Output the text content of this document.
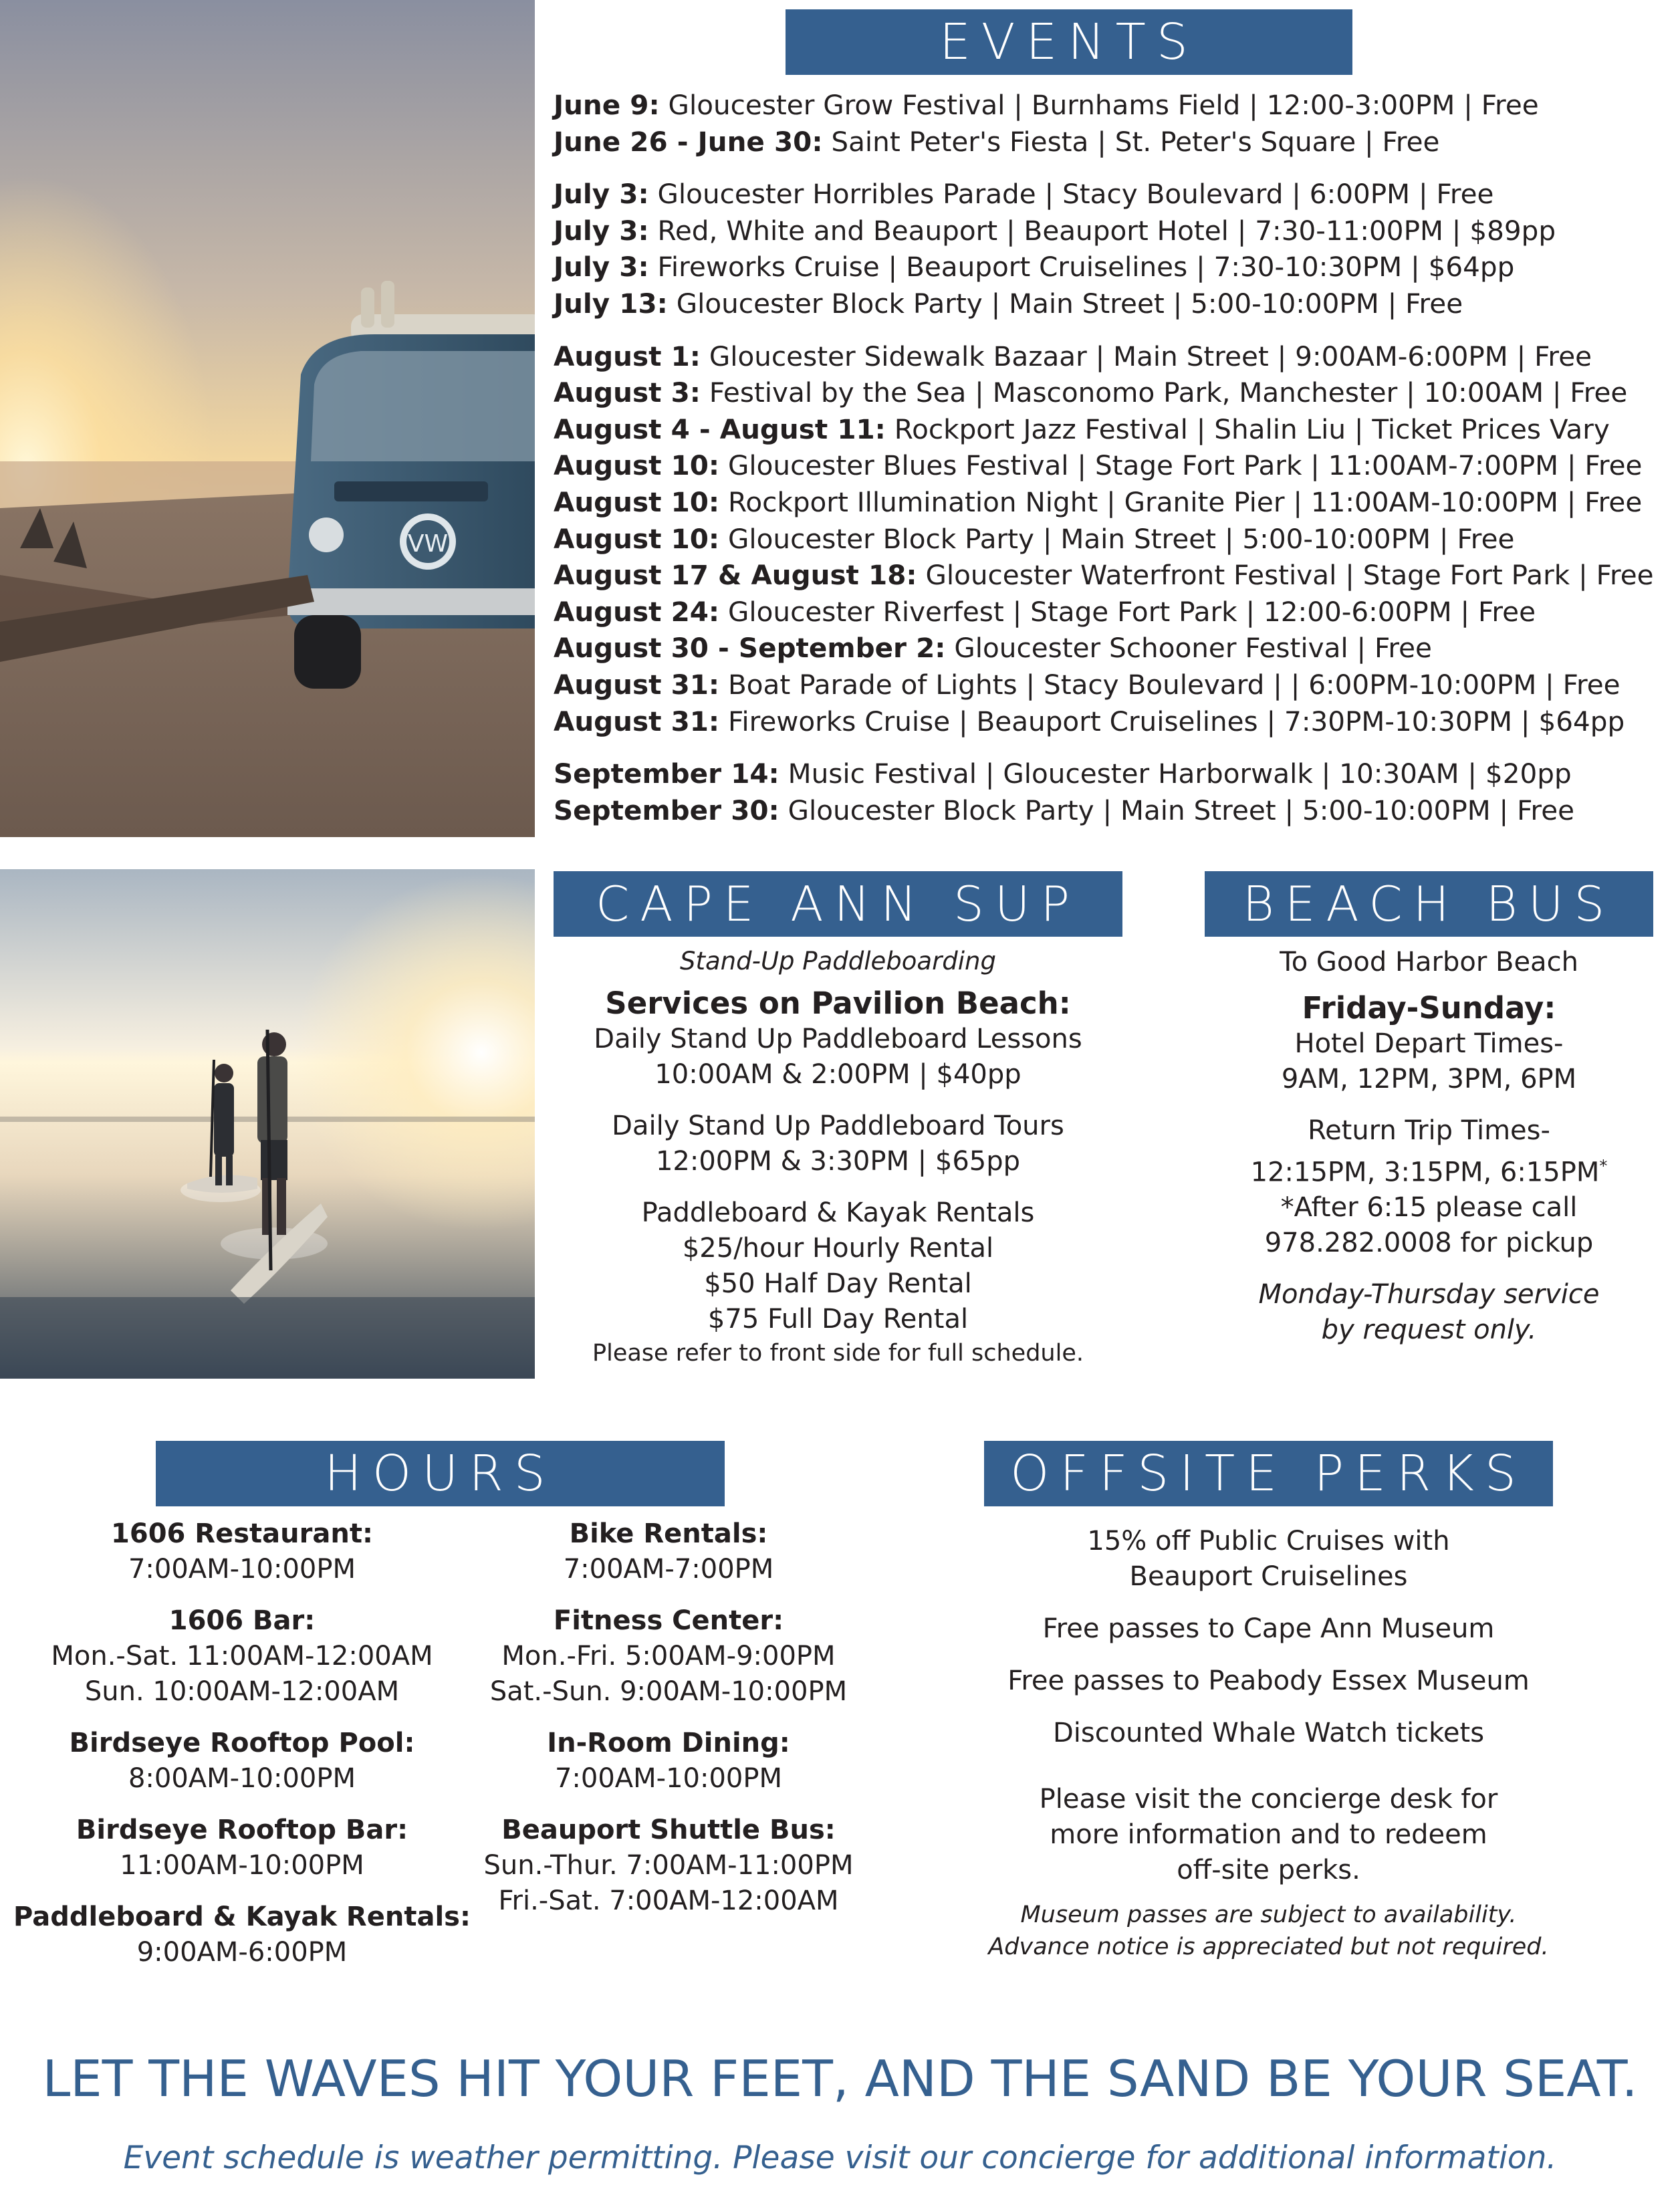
VW
EVENTS
June 9: Gloucester Grow Festival | Burnhams Field | 12:00-3:00PM | Free
June 26 - June 30: Saint Peter's Fiesta | St. Peter's Square | Free
July 3: Gloucester Horribles Parade | Stacy Boulevard | 6:00PM | Free
July 3: Red, White and Beauport | Beauport Hotel | 7:30-11:00PM | $89pp
July 3: Fireworks Cruise | Beauport Cruiselines | 7:30-10:30PM | $64pp
July 13: Gloucester Block Party | Main Street | 5:00-10:00PM | Free
August 1: Gloucester Sidewalk Bazaar | Main Street | 9:00AM-6:00PM | Free
August 3: Festival by the Sea | Masconomo Park, Manchester | 10:00AM | Free
August 4 - August 11: Rockport Jazz Festival | Shalin Liu | Ticket Prices Vary
August 10: Gloucester Blues Festival | Stage Fort Park | 11:00AM-7:00PM | Free
August 10: Rockport Illumination Night | Granite Pier | 11:00AM-10:00PM | Free
August 10: Gloucester Block Party | Main Street | 5:00-10:00PM | Free
August 17 & August 18: Gloucester Waterfront Festival | Stage Fort Park | Free
August 24: Gloucester Riverfest | Stage Fort Park | 12:00-6:00PM | Free
August 30 - September 2: Gloucester Schooner Festival | Free
August 31: Boat Parade of Lights | Stacy Boulevard | | 6:00PM-10:00PM | Free
August 31: Fireworks Cruise | Beauport Cruiselines | 7:30PM-10:30PM | $64pp
September 14: Music Festival | Gloucester Harborwalk | 10:30AM | $20pp
September 30: Gloucester Block Party | Main Street | 5:00-10:00PM | Free
CAPE ANN SUP
Stand-Up Paddleboarding
Services on Pavilion Beach:
Daily Stand Up Paddleboard Lessons
10:00AM & 2:00PM | $40pp
Daily Stand Up Paddleboard Tours
12:00PM & 3:30PM | $65pp
Paddleboard & Kayak Rentals
$25/hour Hourly Rental
$50 Half Day Rental
$75 Full Day Rental
Please refer to front side for full schedule.
BEACH BUS
To Good Harbor Beach
Friday-Sunday:
Hotel Depart Times-
9AM, 12PM, 3PM, 6PM
Return Trip Times-
12:15PM, 3:15PM, 6:15PM*
*After 6:15 please call
978.282.0008 for pickup
Monday-Thursday service
by request only.
HOURS
1606 Restaurant:
7:00AM-10:00PM
1606 Bar:
Mon.-Sat. 11:00AM-12:00AM
Sun. 10:00AM-12:00AM
Birdseye Rooftop Pool:
8:00AM-10:00PM
Birdseye Rooftop Bar:
11:00AM-10:00PM
Paddleboard & Kayak Rentals:
9:00AM-6:00PM
Bike Rentals:
7:00AM-7:00PM
Fitness Center:
Mon.-Fri. 5:00AM-9:00PM
Sat.-Sun. 9:00AM-10:00PM
In-Room Dining:
7:00AM-10:00PM
Beauport Shuttle Bus:
Sun.-Thur. 7:00AM-11:00PM
Fri.-Sat. 7:00AM-12:00AM
OFFSITE PERKS
15% off Public Cruises with
Beauport Cruiselines
Free passes to Cape Ann Museum
Free passes to Peabody Essex Museum
Discounted Whale Watch tickets
Please visit the concierge desk for
more information and to redeem
off-site perks.
Museum passes are subject to availability.
Advance notice is appreciated but not required.
LET THE WAVES HIT YOUR FEET, AND THE SAND BE YOUR SEAT.
Event schedule is weather permitting. Please visit our concierge for additional information.
